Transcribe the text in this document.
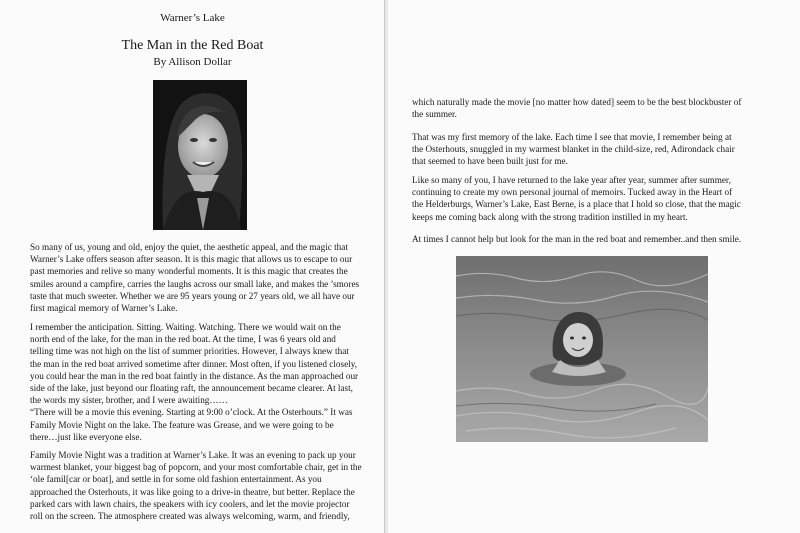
Warner’s Lake
The Man in the Red Boat
By Allison Dollar
So many of us, young and old, enjoy the quiet, the aesthetic appeal, and the magic that
Warner’s Lake offers season after season. It is this magic that allows us to escape to our
past memories and relive so many wonderful moments. It is this magic that creates the
smiles around a campfire, carries the laughs across our small lake, and makes the ’smores
taste that much sweeter. Whether we are 95 years young or 27 years old, we all have our
first magical memory of Warner’s Lake.
I remember the anticipation. Sitting. Waiting. Watching. There we would wait on the
north end of the lake, for the man in the red boat. At the time, I was 6 years old and
telling time was not high on the list of summer priorities. However, I always knew that
the man in the red boat arrived sometime after dinner. Most often, if you listened closely,
you could hear the man in the red boat faintly in the distance. As the man approached our
side of the lake, just beyond our floating raft, the announcement became clearer. At last,
the words my sister, brother, and I were awaiting……
“There will be a movie this evening. Starting at 9:00 o’clock. At the Osterhouts.” It was
Family Movie Night on the lake. The feature was Grease, and we were going to be
there…just like everyone else.
Family Movie Night was a tradition at Warner’s Lake. It was an evening to pack up your
warmest blanket, your biggest bag of popcorn, and your most comfortable chair, get in the
‘ole famil[car or boat], and settle in for some old fashion entertainment. As you
approached the Osterhouts, it was like going to a drive-in theatre, but better. Replace the
parked cars with lawn chairs, the speakers with icy coolers, and let the movie projector
roll on the screen. The atmosphere created was always welcoming, warm, and friendly,
which naturally made the movie [no matter how dated] seem to be the best blockbuster of
the summer.
That was my first memory of the lake. Each time I see that movie, I remember being at
the Osterhouts, snuggled in my warmest blanket in the child-size, red, Adirondack chair
that seemed to have been built just for me.
Like so many of you, I have returned to the lake year after year, summer after summer,
continuing to create my own personal journal of memoirs. Tucked away in the Heart of
the Helderburgs, Warner’s Lake, East Berne, is a place that I hold so close, that the magic
keeps me coming back along with the strong tradition instilled in my heart.
At times I cannot help but look for the man in the red boat and remember..and then smile.
